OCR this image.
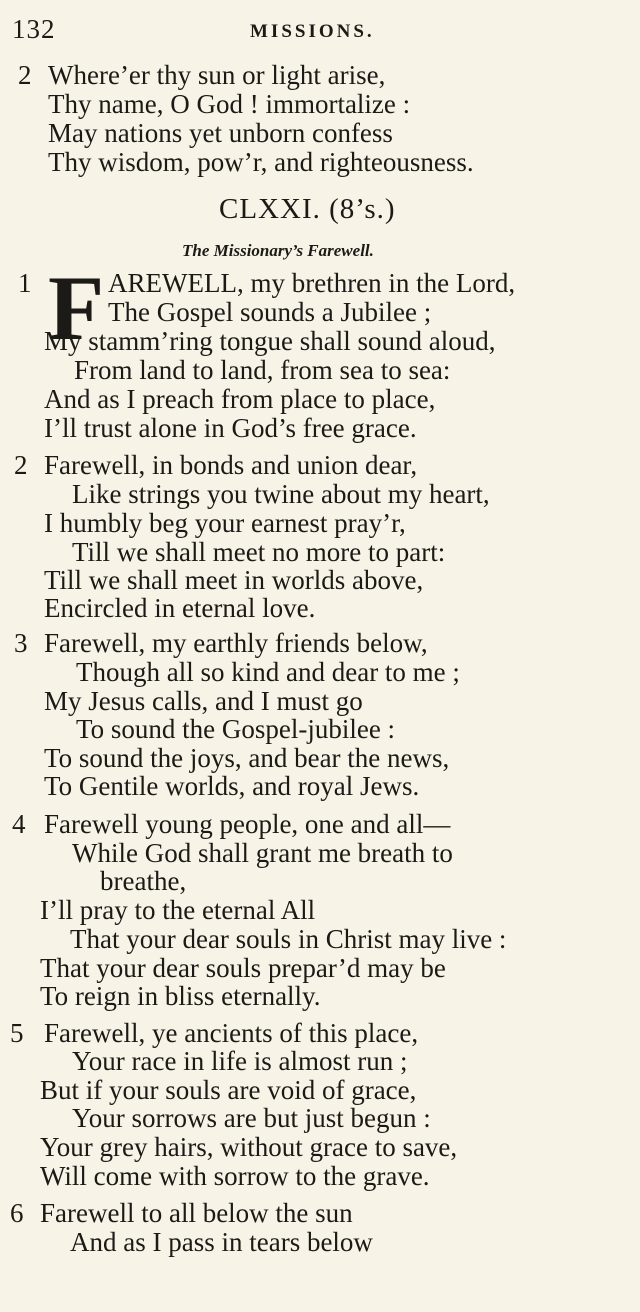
132	MISSIONS.
2 Where’er thy sun or light arise,
Thy name, O God ! immortalize :
May nations yet unborn confess
Thy wisdom, pow’r, and righteousness.
CLXXI. (8’s.)
The Missionary’s Farewell.
1 F AREWELL, my brethren in the Lord,
The Gospel sounds a Jubilee ;
My stamm’ring tongue shall sound aloud,
From land to land, from sea to sea:
And as I preach from place to place,
I’ll trust alone in God’s free grace.
2 Farewell, in bonds and union dear,
Like strings you twine about my heart,
I humbly beg your earnest pray’r,
Till we shall meet no more to part:
Till we shall meet in worlds above,
Encircled in eternal love.
3 Farewell, my earthly friends below,
Though all so kind and dear to me ;
My Jesus calls, and I must go
To sound the Gospel-jubilee :
To sound the joys, and bear the news,
To Gentile worlds, and royal Jews.
4 Farewell young people, one and all—
While God shall grant me breath to
breathe,
I’ll pray to the eternal All
That your dear souls in Christ may live :
That your dear souls prepar’d may be
To reign in bliss eternally.
5 Farewell, ye ancients of this place,
Your race in life is almost run ;
But if your souls are void of grace,
Your sorrows are but just begun :
Your grey hairs, without grace to save,
Will come with sorrow to the grave.
6 Farewell to all below the sun
And as I pass in tears below
